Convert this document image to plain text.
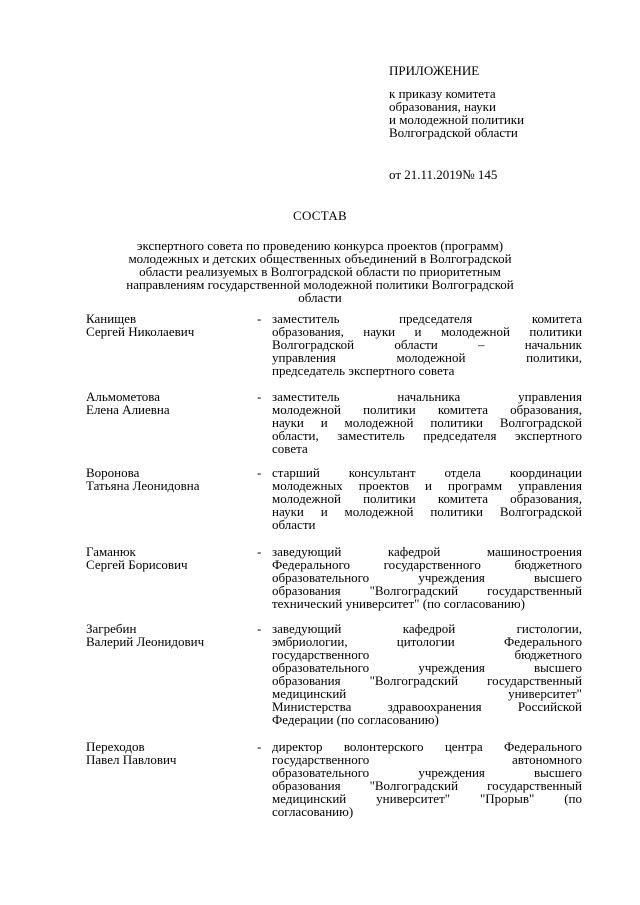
ПРИЛОЖЕНИЕ
к приказу комитета
образования, науки
и молодежной политики
Волгоградской области
от 21.11.2019№ 145
СОСТАВ
экспертного совета по проведению конкурса проектов (программ)
молодежных и детских общественных объединений в Волгоградской
области реализуемых в Волгоградской области по приоритетным
направлениям государственной молодежной политики Волгоградской
области
Канищев
Сергей Николаевич
- заместитель	председателя	комитета
образования, науки и молодежной политики
Волгоградской	области	–	начальник
управления	молодежной	политики,
председатель экспертного совета
Альмометова
Елена Алиевна
- заместитель	начальника	управления
молодежной политики комитета образования,
науки и молодежной политики Волгоградской
области, заместитель председателя экспертного
совета
Воронова
Татьяна Леонидовна
- старший консультант отдела координации
молодежных проектов и программ управления
молодежной политики комитета образования,
науки и молодежной политики Волгоградской
области
Гаманюк
Сергей Борисович
- заведующий	кафедрой	машиностроения
Федерального	государственного	бюджетного
образовательного	учреждения	высшего
образования "Волгоградский государственный
технический университет" (по согласованию)
Загребин
Валерий Леонидович
- заведующий	кафедрой	гистологии,
эмбриологии,	цитологии	Федерального
государственного	бюджетного
образовательного	учреждения	высшего
образования "Волгоградский государственный
медицинский	университет"
Министерства	здравоохранения	Российской
Федерации (по согласованию)
Переходов
Павел Павлович
- директор волонтерского центра Федерального
государственного	автономного
образовательного	учреждения	высшего
образования "Волгоградский государственный
медицинский университет" "Прорыв" (по
согласованию)
